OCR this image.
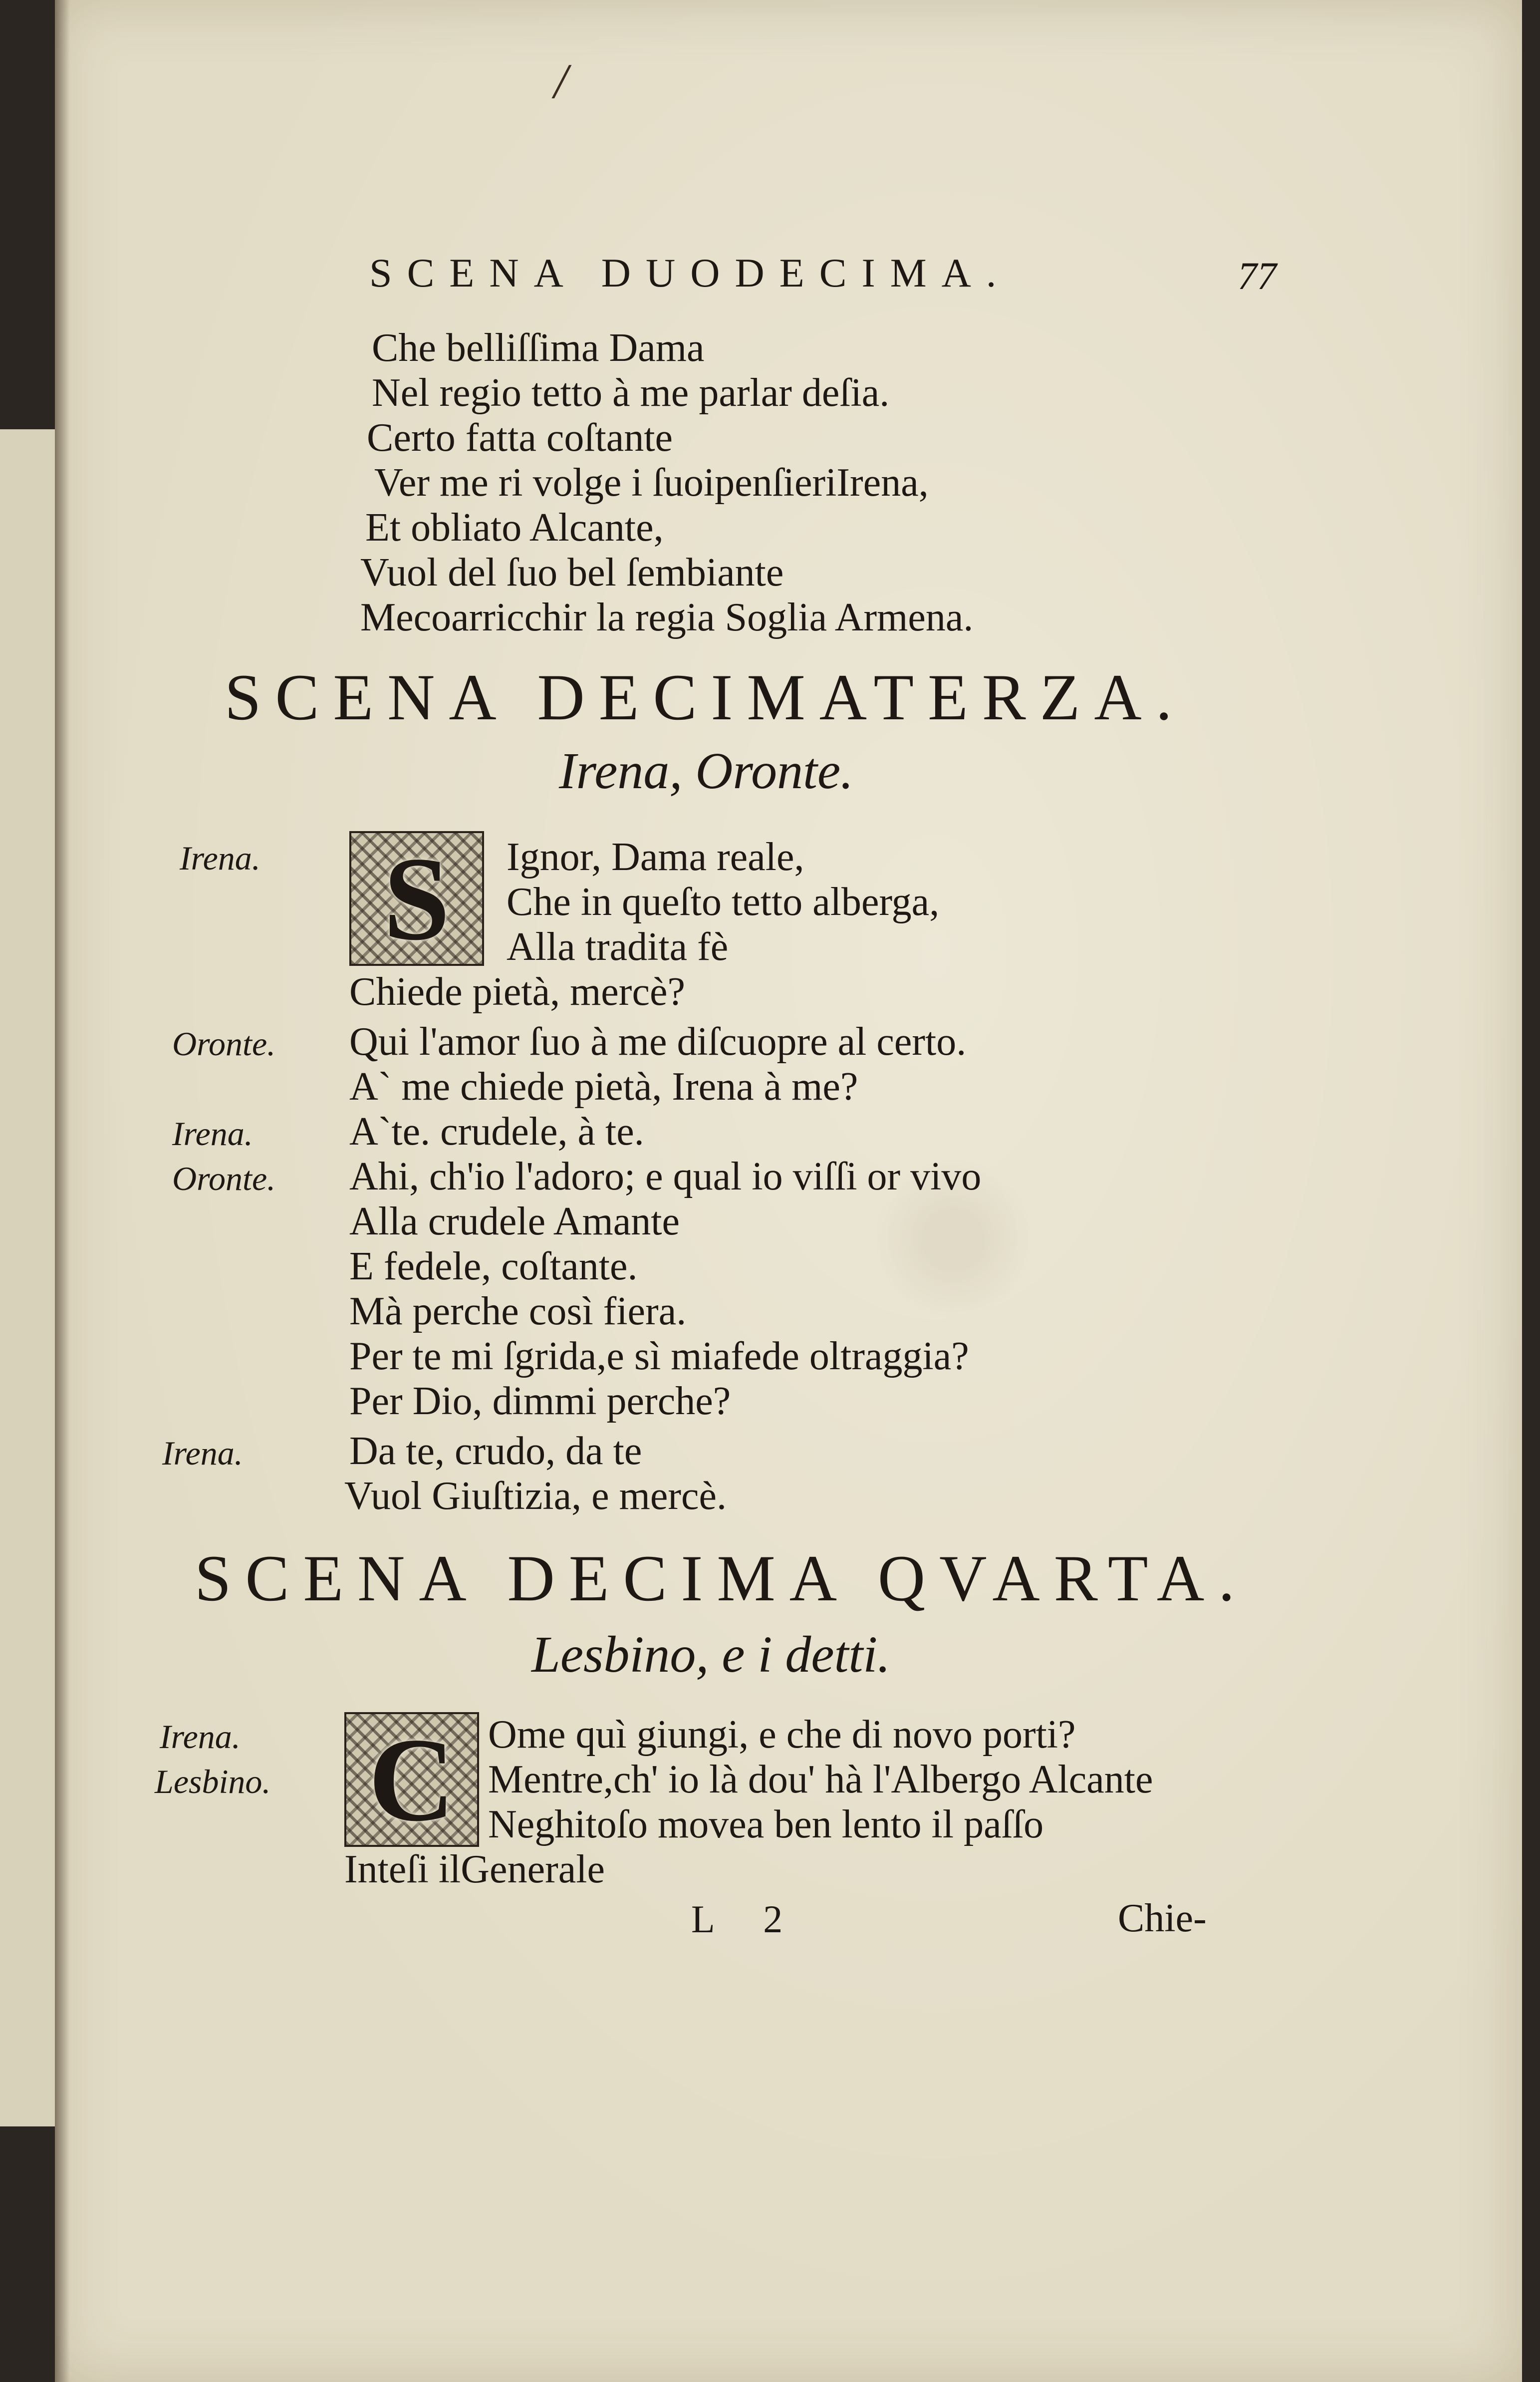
/
SCENA DUODECIMA.	77
Che belliſſima Dama
Nel regio tetto à me parlar deſia.
Certo fatta coſtante
Ver me ri volge i ſuoipenſieriIrena,
Et obliato Alcante,
Vuol del ſuo bel ſembiante
Mecoarricchir la regia Soglia Armena.
SCENA DECIMATERZA.
Irena, Oronte.
S
Irena.	Ignor, Dama reale,
Che in queſto tetto alberga,
Alla tradita fè
Chiede pietà, mercè?
Oronte. Qui l'amor ſuo à me diſcuopre al certo.
A` me chiede pietà, Irena à me?
Irena. A`te. crudele, à te.
Oronte. Ahi, ch'io l'adoro; e qual io viſſi or vivo
Alla crudele Amante
E fedele, coſtante.
Mà perche così fiera.
Per te mi ſgrida,e sì miafede oltraggia?
Per Dio, dimmi perche?
Irena.	Da te, crudo, da te
Vuol Giuſtizia, e mercè.
SCENA DECIMA QVARTA.
Lesbino, e i detti.
C
Irena.	Ome quì giungi, e che di novo porti?
Lesbino.	Mentre,ch' io là dou' hà l'Albergo Alcante
Neghitoſo movea ben lento il paſſo
Inteſi ilGenerale
L 2	Chie-
